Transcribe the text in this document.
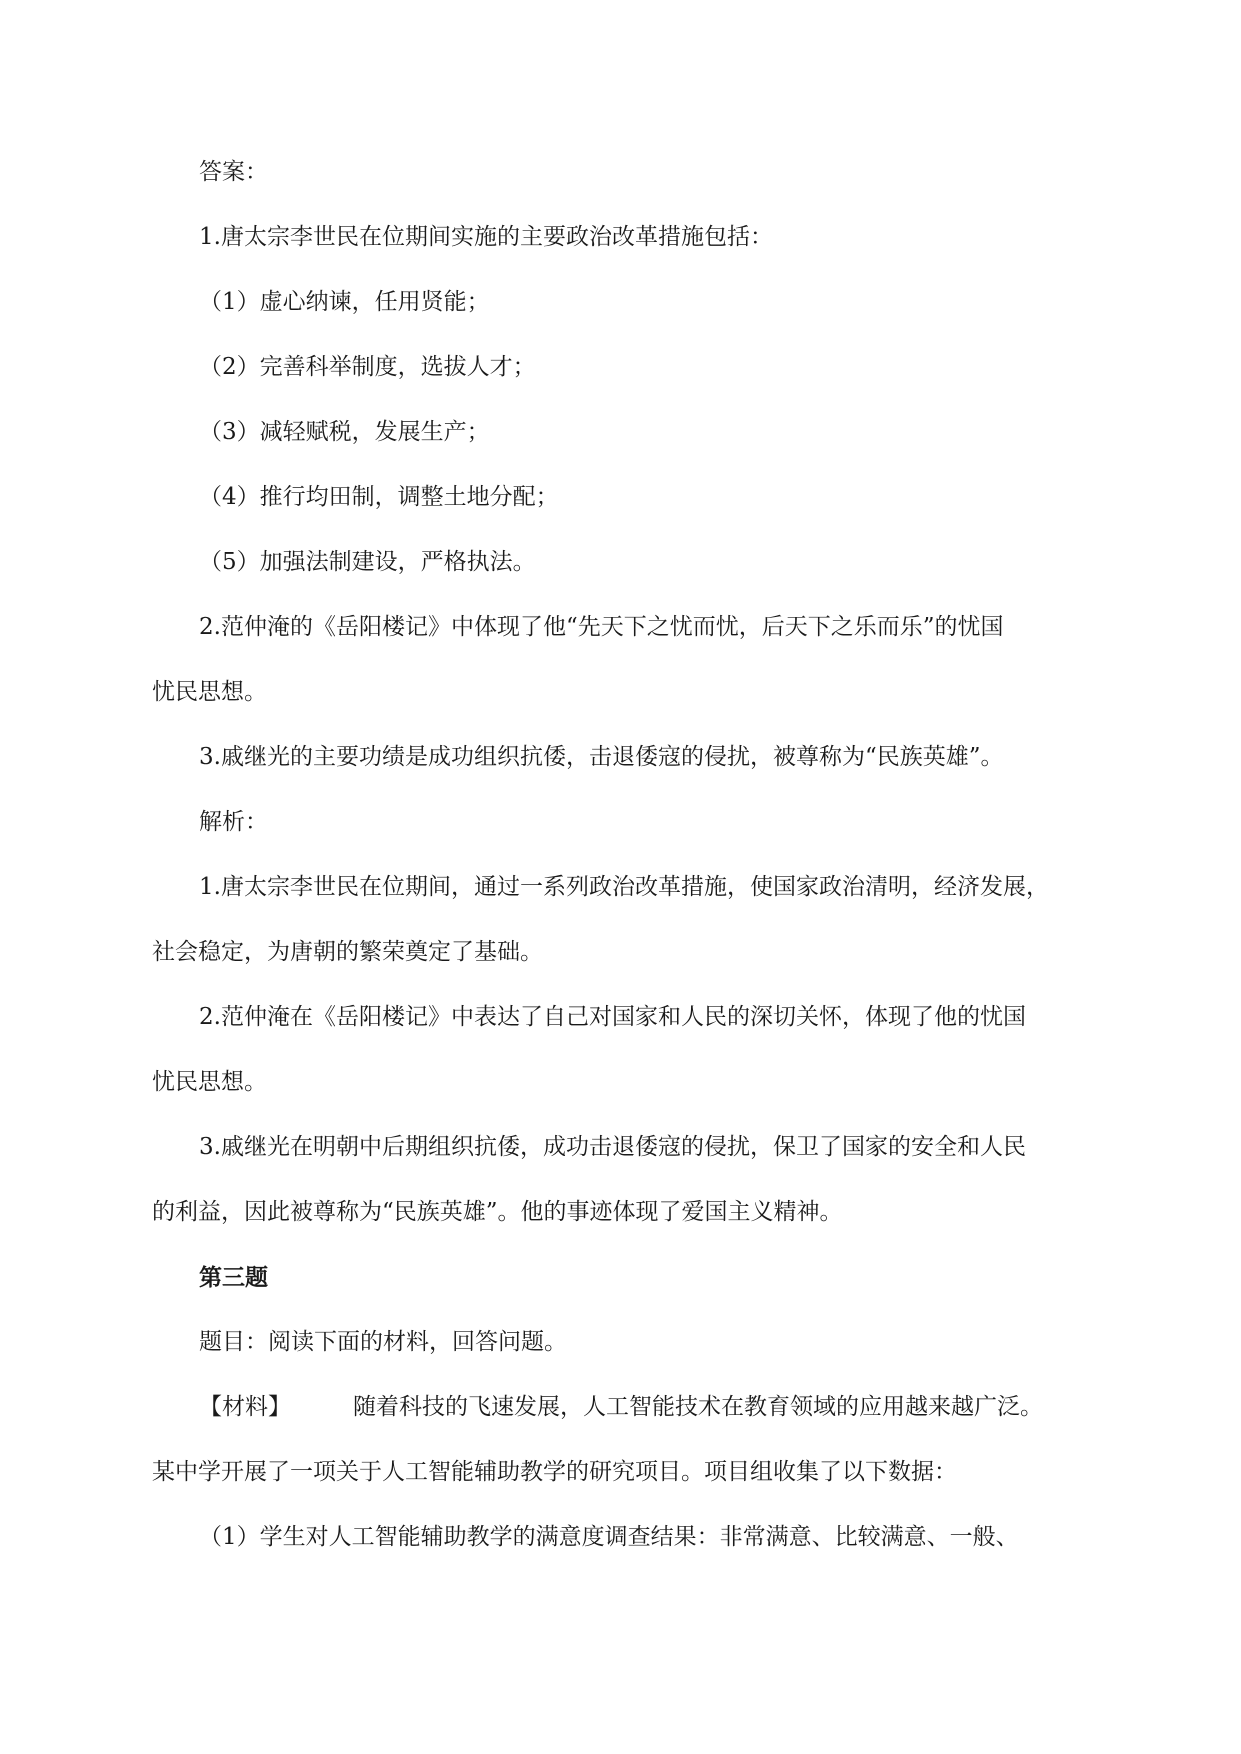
答案：

1.唐太宗李世民在位期间实施的主要政治改革措施包括：

（1）虚心纳谏，任用贤能；

（2）完善科举制度，选拔人才；

（3）减轻赋税，发展生产；

（4）推行均田制，调整土地分配；

（5）加强法制建设，严格执法。

2.范仲淹的《岳阳楼记》中体现了他“先天下之忧而忧，后天下之乐而乐”的忧国

忧民思想。

3.戚继光的主要功绩是成功组织抗倭，击退倭寇的侵扰，被尊称为“民族英雄”。

解析：

1.唐太宗李世民在位期间，通过一系列政治改革措施，使国家政治清明，经济发展，

社会稳定，为唐朝的繁荣奠定了基础。

2.范仲淹在《岳阳楼记》中表达了自己对国家和人民的深切关怀，体现了他的忧国

忧民思想。

3.戚继光在明朝中后期组织抗倭，成功击退倭寇的侵扰，保卫了国家的安全和人民

的利益，因此被尊称为“民族英雄”。他的事迹体现了爱国主义精神。

第三题

题目：阅读下面的材料，回答问题。

【材料】	随着科技的飞速发展，人工智能技术在教育领域的应用越来越广泛。

某中学开展了一项关于人工智能辅助教学的研究项目。项目组收集了以下数据：

（1）学生对人工智能辅助教学的满意度调查结果：非常满意、比较满意、一般、
